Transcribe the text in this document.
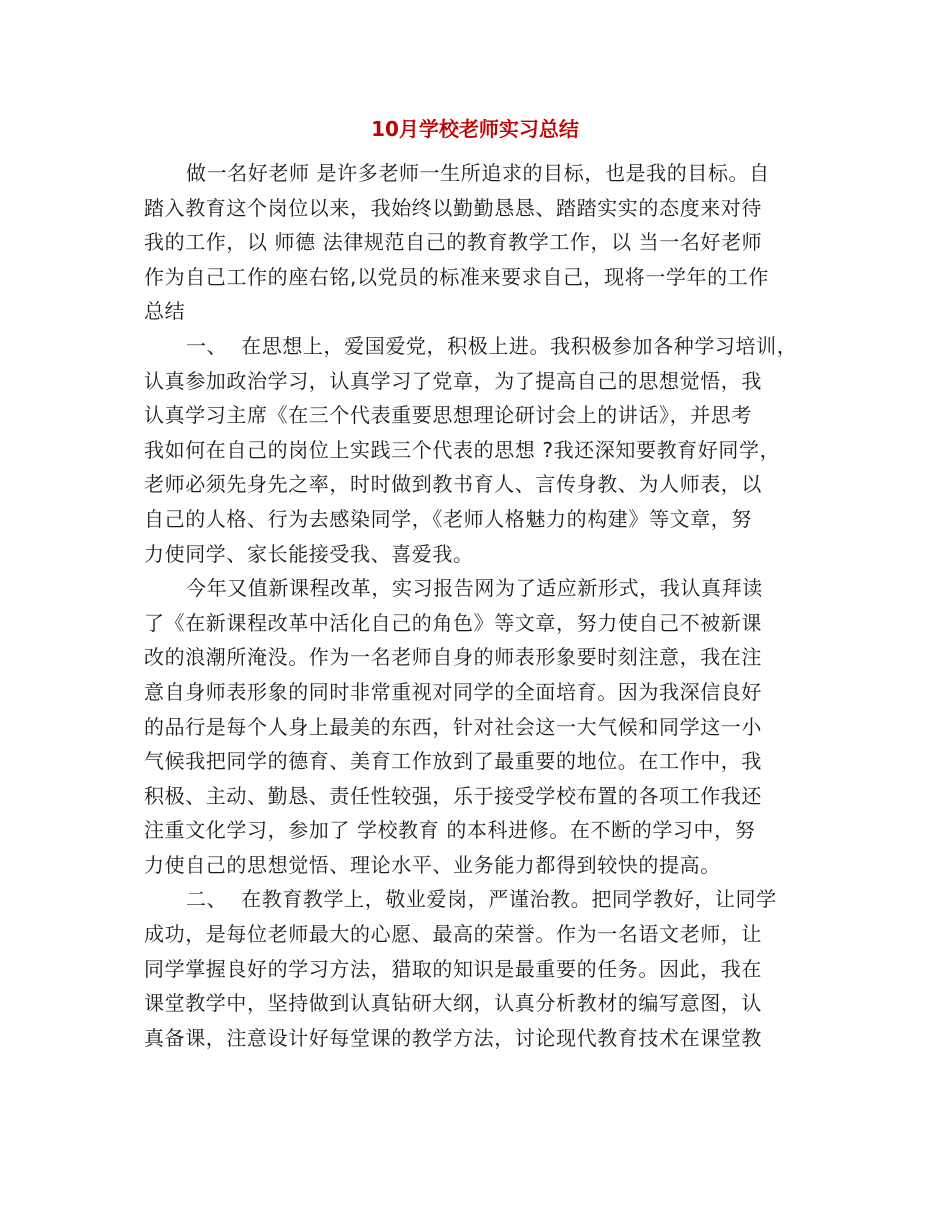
10月学校老师实习总结
做一名好老师 是许多老师一生所追求的目标，也是我的目标。自
踏入教育这个岗位以来，我始终以勤勤恳恳、踏踏实实的态度来对待
我的工作，以 师德 法律规范自己的教育教学工作，以 当一名好老师
作为自己工作的座右铭,以党员的标准来要求自己，现将一学年的工作
总结
一、  在思想上，爱国爱党，积极上进。我积极参加各种学习培训，
认真参加政治学习，认真学习了党章，为了提高自己的思想觉悟，我
认真学习主席《在三个代表重要思想理论研讨会上的讲话》，并思考
我如何在自己的岗位上实践三个代表的思想 ?我还深知要教育好同学，
老师必须先身先之率，时时做到教书育人、言传身教、为人师表，以
自己的人格、行为去感染同学，《老师人格魅力的构建》等文章，努
力使同学、家长能接受我、喜爱我。
今年又值新课程改革，实习报告网为了适应新形式，我认真拜读
了《在新课程改革中活化自己的角色》等文章，努力使自己不被新课
改的浪潮所淹没。作为一名老师自身的师表形象要时刻注意，我在注
意自身师表形象的同时非常重视对同学的全面培育。因为我深信良好
的品行是每个人身上最美的东西，针对社会这一大气候和同学这一小
气候我把同学的德育、美育工作放到了最重要的地位。在工作中，我
积极、主动、勤恳、责任性较强，乐于接受学校布置的各项工作我还
注重文化学习，参加了 学校教育 的本科进修。在不断的学习中，努
力使自己的思想觉悟、理论水平、业务能力都得到较快的提高。
二、  在教育教学上，敬业爱岗，严谨治教。把同学教好，让同学
成功，是每位老师最大的心愿、最高的荣誉。作为一名语文老师，让
同学掌握良好的学习方法，猎取的知识是最重要的任务。因此，我在
课堂教学中，坚持做到认真钻研大纲，认真分析教材的编写意图，认
真备课，注意设计好每堂课的教学方法，讨论现代教育技术在课堂教
